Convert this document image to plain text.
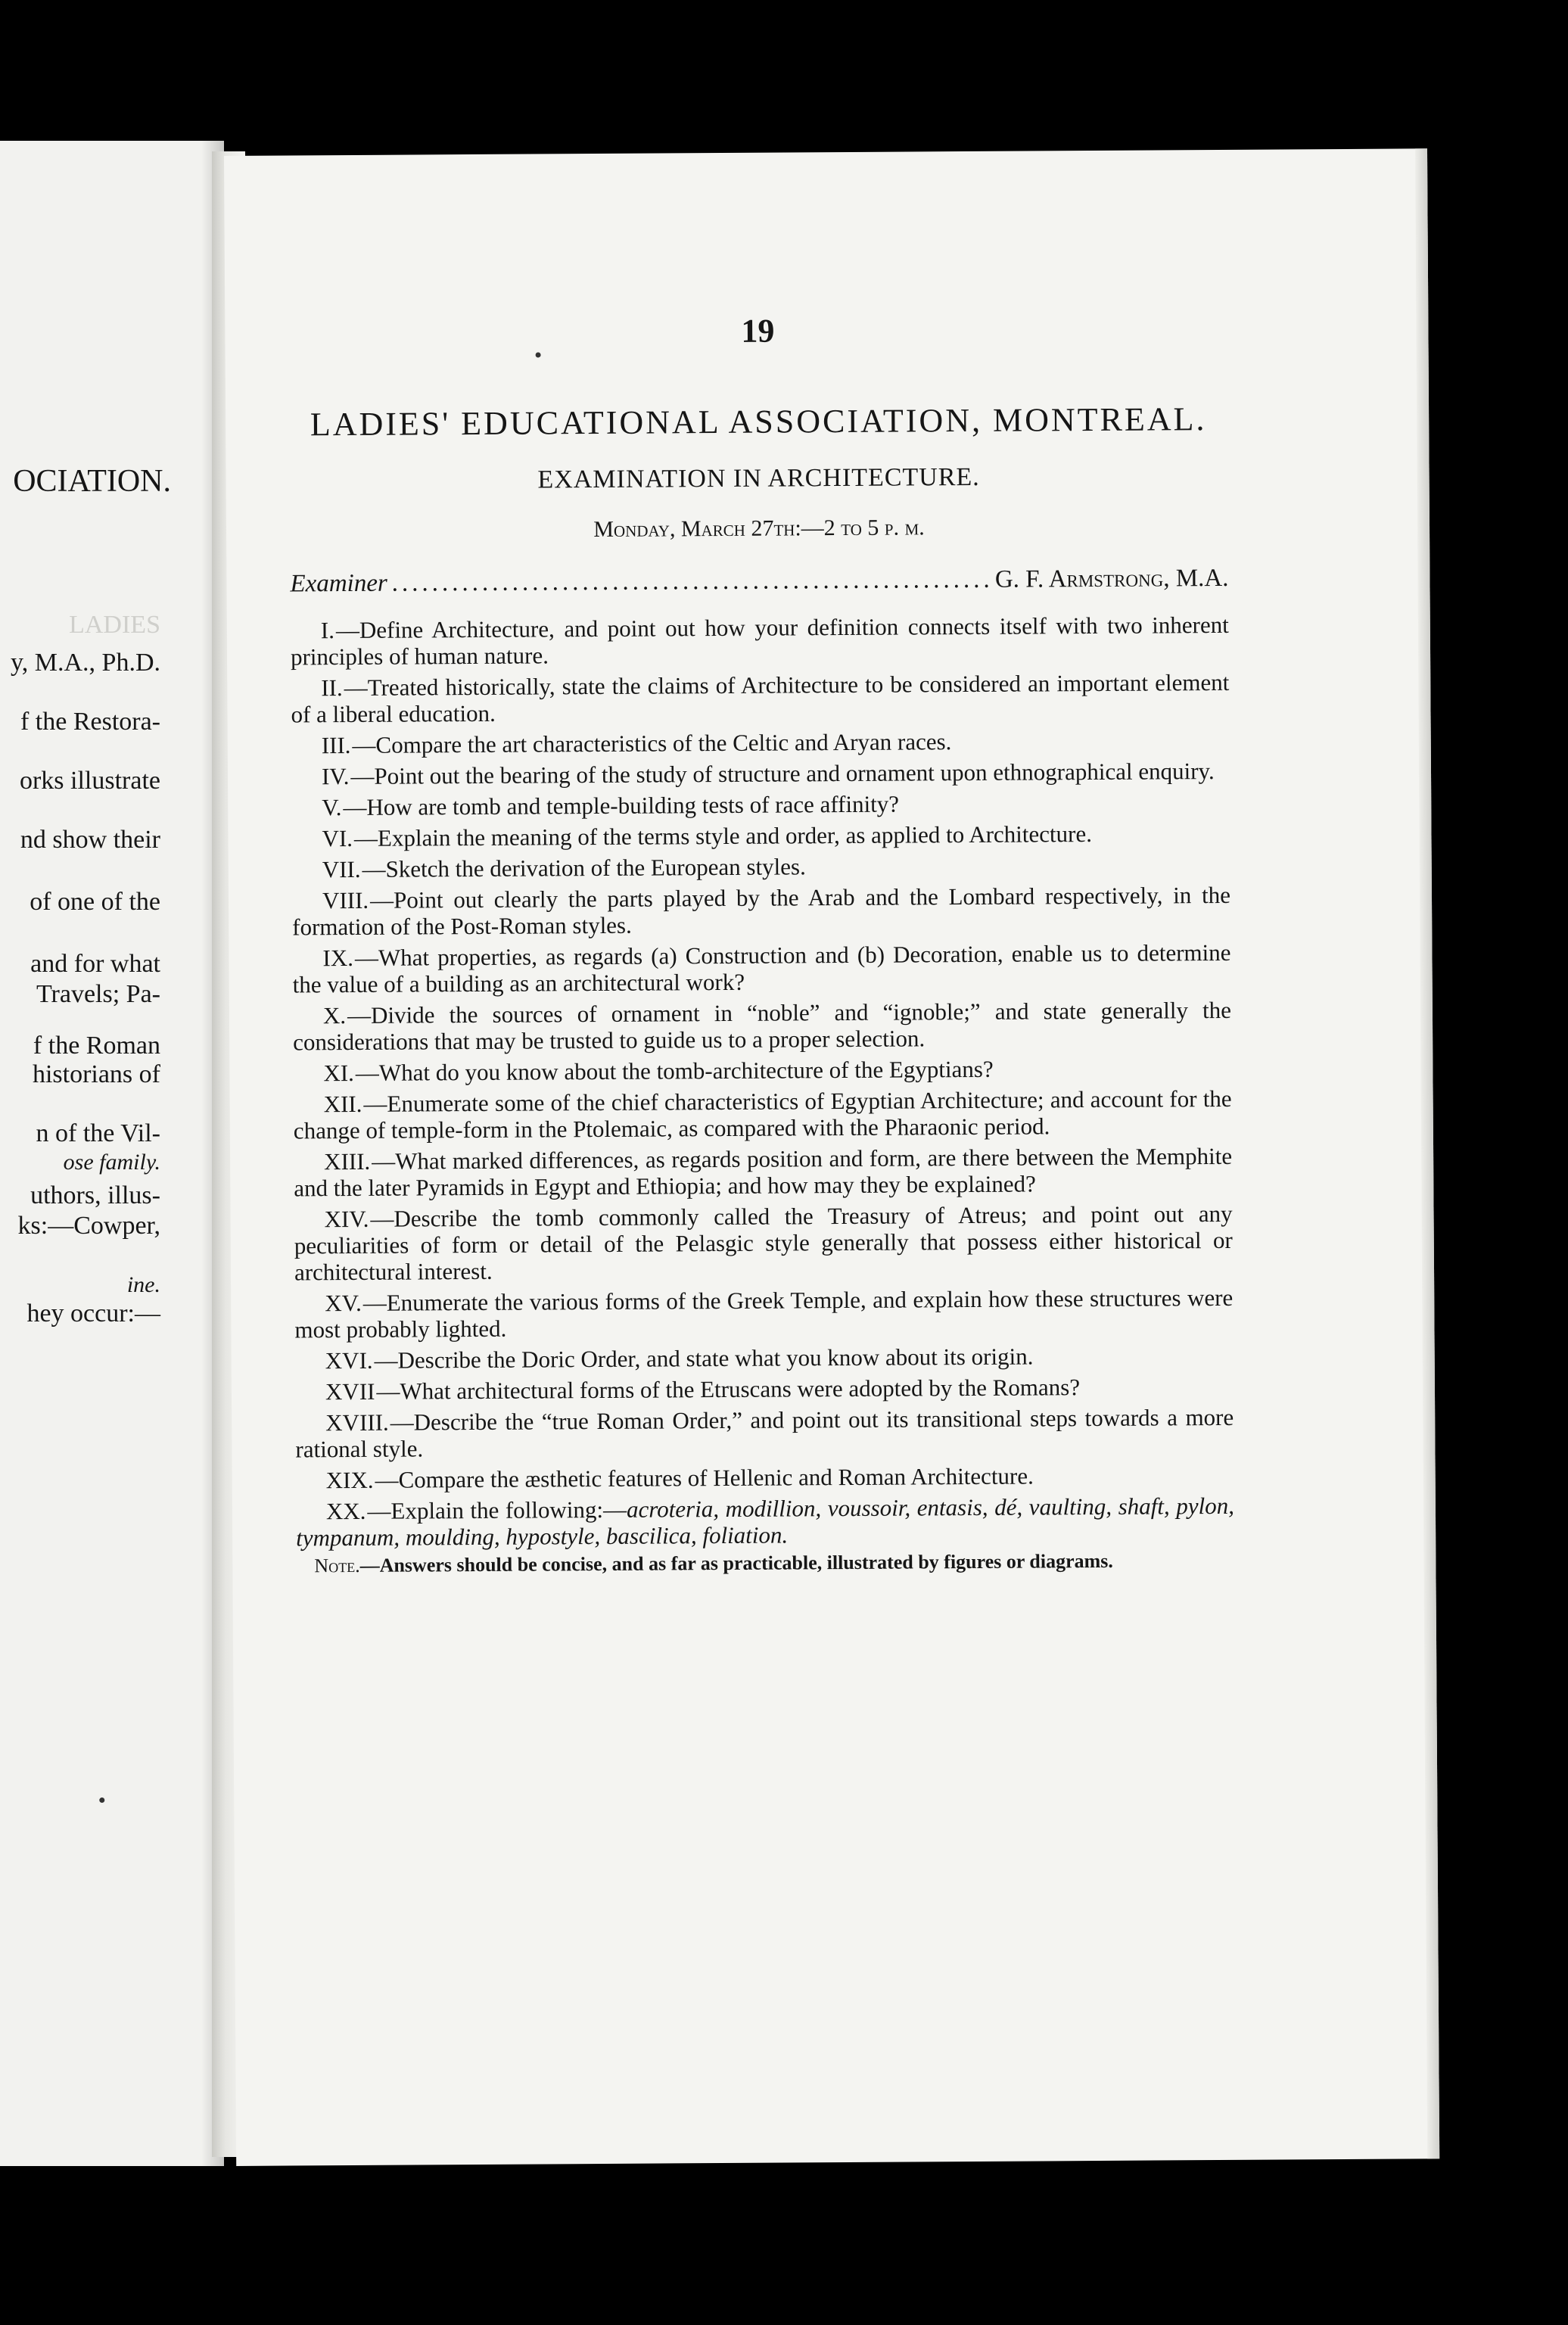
OCIATION.
LADIES
y, M.A., Ph.D.
f the Restora-
orks illustrate
nd show their
of one of the
and for what
Travels; Pa-
f the Roman
historians of
n of the Vil-
ose family.
uthors, illus-
ks:—Cowper,
ine.
hey occur:—
19
LADIES' EDUCATIONAL ASSOCIATION, MONTREAL.
EXAMINATION IN ARCHITECTURE.
Monday, March 27th:—2 to 5 p. m.
Examiner
.....	G. F. Armstrong, M.A.

I.—Define Architecture, and point out how your definition connects itself with two inherent principles of human nature.

II.—Treated historically, state the claims of Architecture to be considered an important element of a liberal education.

III.—Compare the art characteristics of the Celtic and Aryan races.

IV.—Point out the bearing of the study of structure and ornament upon ethnographical enquiry.

V.—How are tomb and temple-building tests of race affinity?

VI.—Explain the meaning of the terms style and order, as applied to Architecture.

VII.—Sketch the derivation of the European styles.

VIII.—Point out clearly the parts played by the Arab and the Lombard respectively, in the formation of the Post-Roman styles.

IX.—What properties, as regards (a) Construction and (b) Decoration, enable us to determine the value of a building as an architectural work?

X.—Divide the sources of ornament in “noble” and “ignoble;” and state generally the considerations that may be trusted to guide us to a proper selection.

XI.—What do you know about the tomb-architecture of the Egyptians?

XII.—Enumerate some of the chief characteristics of Egyptian Architecture; and account for the change of temple-form in the Ptolemaic, as compared with the Pharaonic period.

XIII.—What marked differences, as regards position and form, are there between the Memphite and the later Pyramids in Egypt and Ethiopia; and how may they be explained?

XIV.—Describe the tomb commonly called the Treasury of Atreus; and point out any peculiarities of form or detail of the Pelasgic style generally that possess either historical or architectural interest.

XV.—Enumerate the various forms of the Greek Temple, and explain how these structures were most probably lighted.

XVI.—Describe the Doric Order, and state what you know about its origin.

XVII—What architectural forms of the Etruscans were adopted by the Romans?

XVIII.—Describe the “true Roman Order,” and point out its transitional steps towards a more rational style.

XIX.—Compare the æsthetic features of Hellenic and Roman Architecture.

XX.—Explain the following:—acroteria, modillion, voussoir, entasis, dé, vaulting, shaft, pylon, tympanum, moulding, hypostyle, bascilica, foliation.

Note.—Answers should be concise, and as far as practicable, illustrated by figures or diagrams.
